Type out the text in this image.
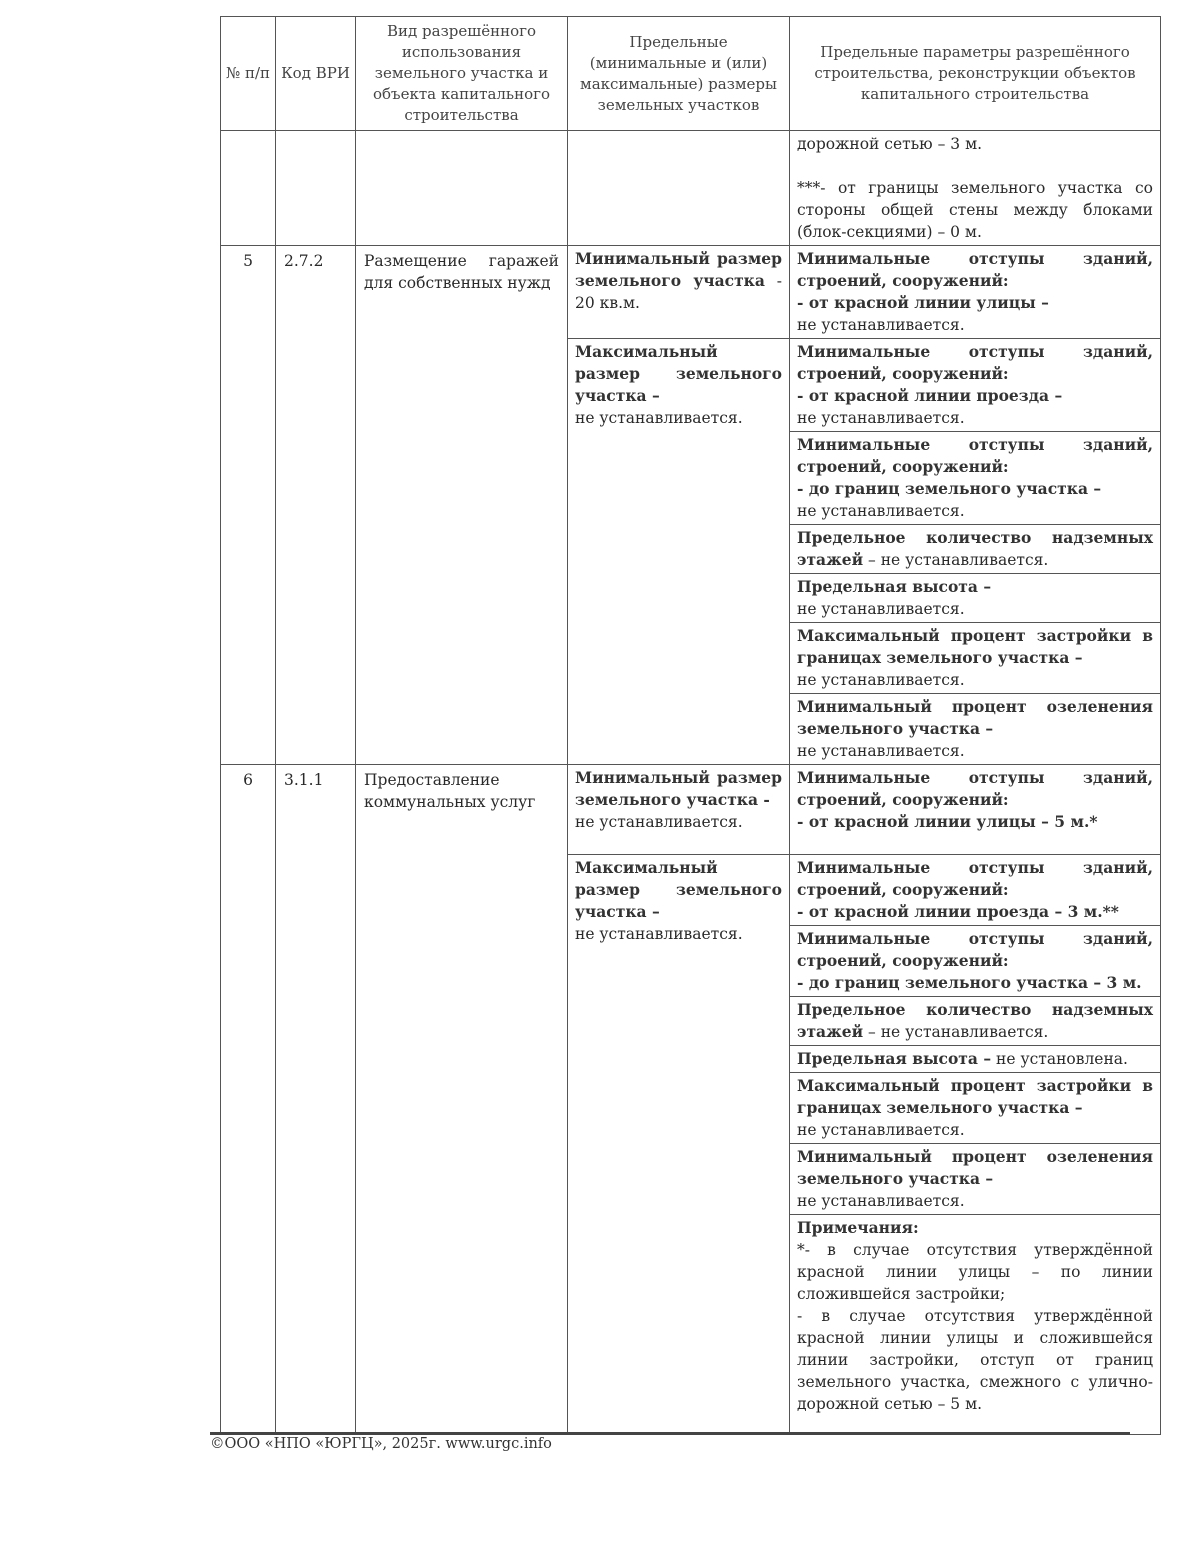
№ п/п	Код ВРИ	Вид разрешённого использования земельного участка и объекта капитального строительства	Предельные (минимальные и (или) максимальные) размеры земельных участков	Предельные параметры разрешённого строительства, реконструкции объектов капитального строительства

				дорожной сетью – 3 м.
***- от границы земельного участка со стороны общей стены между блоками (блок-секциями) – 0 м.

5	2.7.2	Размещение гаражей для собственных нужд	Минимальный размер земельного участка - 20 кв.м.	Минимальные отступы зданий, строений, сооружений:
- от красной линии улицы –
не устанавливается.

			Максимальный размер земельного участка –
не устанавливается.	Минимальные отступы зданий, строений, сооружений:
- от красной линии проезда –
не устанавливается.

				Минимальные отступы зданий, строений, сооружений:
- до границ земельного участка –
не устанавливается.

				Предельное количество надземных этажей – не устанавливается.

				Предельная высота –
не устанавливается.

				Максимальный процент застройки в границах земельного участка –
не устанавливается.

				Минимальный процент озеленения земельного участка –
не устанавливается.

6	3.1.1	Предоставление коммунальных услуг	Минимальный размер земельного участка -
не устанавливается.	Минимальные отступы зданий, строений, сооружений:
- от красной линии улицы – 5 м.*

			Максимальный размер земельного участка –
не устанавливается.	Минимальные отступы зданий, строений, сооружений:
- от красной линии проезда – 3 м.**

				Минимальные отступы зданий, строений, сооружений:
- до границ земельного участка – 3 м.

				Предельное количество надземных этажей – не устанавливается.
				Предельная высота – не установлена.
				Максимальный процент застройки в границах земельного участка –
не устанавливается.

				Минимальный процент озеленения земельного участка –
не устанавливается.

				Примечания:
*- в случае отсутствия утверждённой красной линии улицы – по линии сложившейся застройки;
- в случае отсутствия утверждённой красной линии улицы и сложившейся линии застройки, отступ от границ земельного участка, смежного с улично-дорожной сетью – 5 м.
©ООО «НПО «ЮРГЦ», 2025г. www.urgc.info
